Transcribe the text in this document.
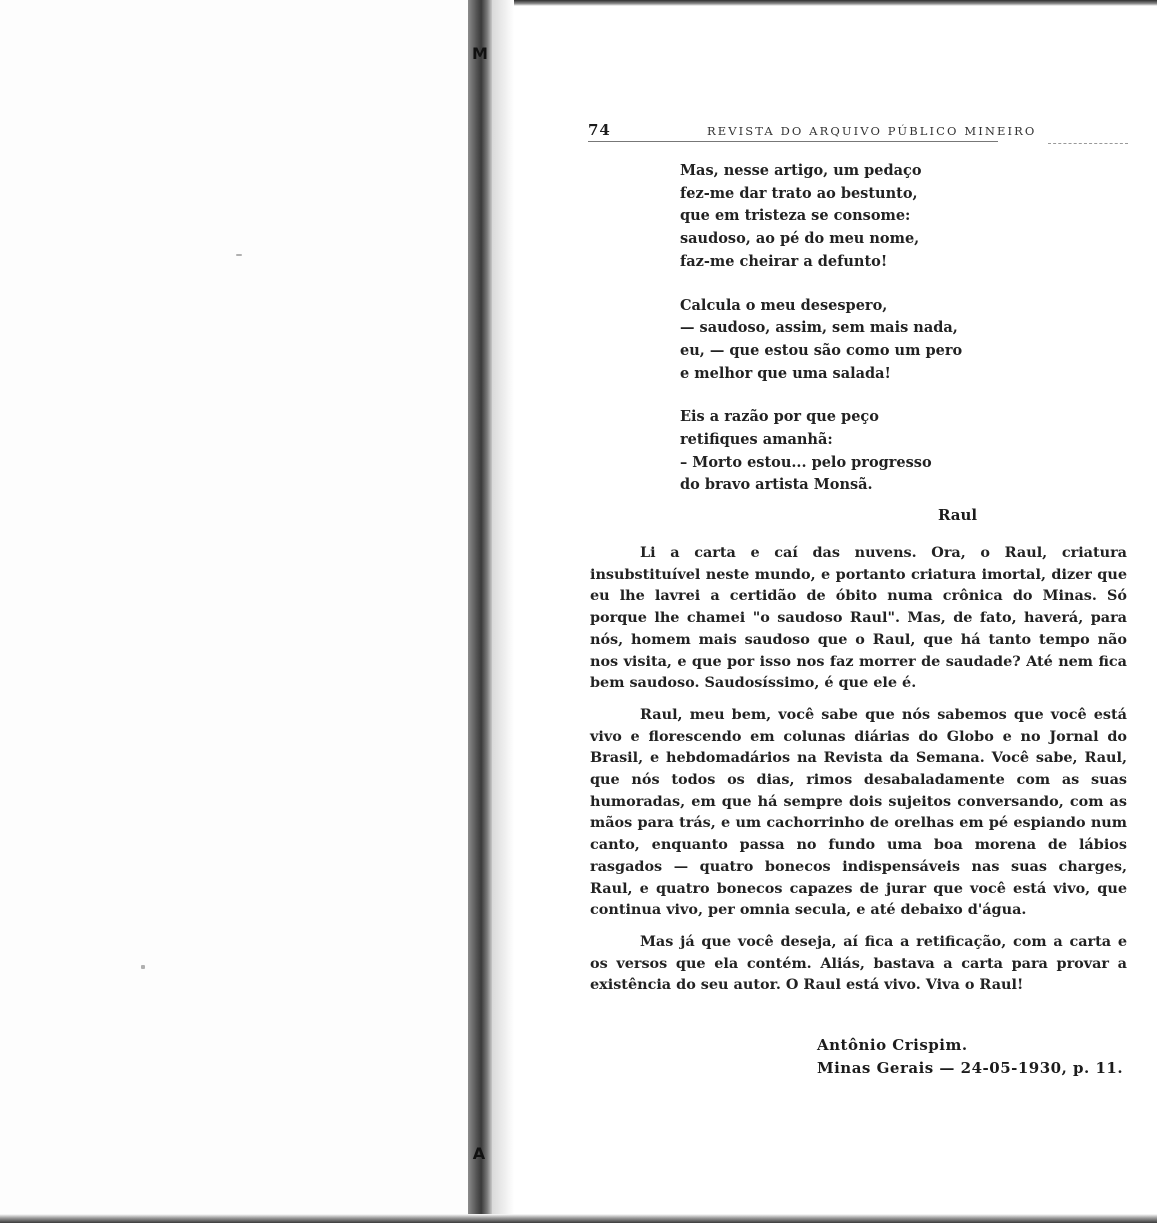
M
A
74	REVISTA DO ARQUIVO PÚBLICO MINEIRO
Mas, nesse artigo, um pedaço
fez-me dar trato ao bestunto,
que em tristeza se consome:
saudoso, ao pé do meu nome,
faz-me cheirar a defunto!
Calcula o meu desespero,
— saudoso, assim, sem mais nada,
eu, — que estou são como um pero
e melhor que uma salada!
Eis a razão por que peço
retifiques amanhã:
– Morto estou... pelo progresso
do bravo artista Monsã.
Raul

Li a carta e caí das nuvens. Ora, o Raul, criatura insubstituível neste mundo, e portanto criatura imortal, dizer que eu lhe lavrei a certidão de óbito numa crônica do Minas. Só porque lhe chamei "o saudoso Raul". Mas, de fato, haverá, para nós, homem mais saudoso que o Raul, que há tanto tempo não nos visita, e que por isso nos faz morrer de saudade? Até nem fica bem saudoso. Saudosíssimo, é que ele é.

Raul, meu bem, você sabe que nós sabemos que você está vivo e florescendo em colunas diárias do Globo e no Jornal do Brasil, e hebdomadários na Revista da Semana. Você sabe, Raul, que nós todos os dias, rimos desabaladamente com as suas humoradas, em que há sempre dois sujeitos conversando, com as mãos para trás, e um cachorrinho de orelhas em pé espiando num canto, enquanto passa no fundo uma boa morena de lábios rasgados — quatro bonecos indispensáveis nas suas charges, Raul, e quatro bonecos capazes de jurar que você está vivo, que continua vivo, per omnia secula, e até debaixo d'água.

Mas já que você deseja, aí fica a retificação, com a carta e os versos que ela contém. Aliás, bastava a carta para provar a existência do seu autor. O Raul está vivo. Viva o Raul!

Antônio Crispim.
Minas Gerais — 24-05-1930, p. 11.
